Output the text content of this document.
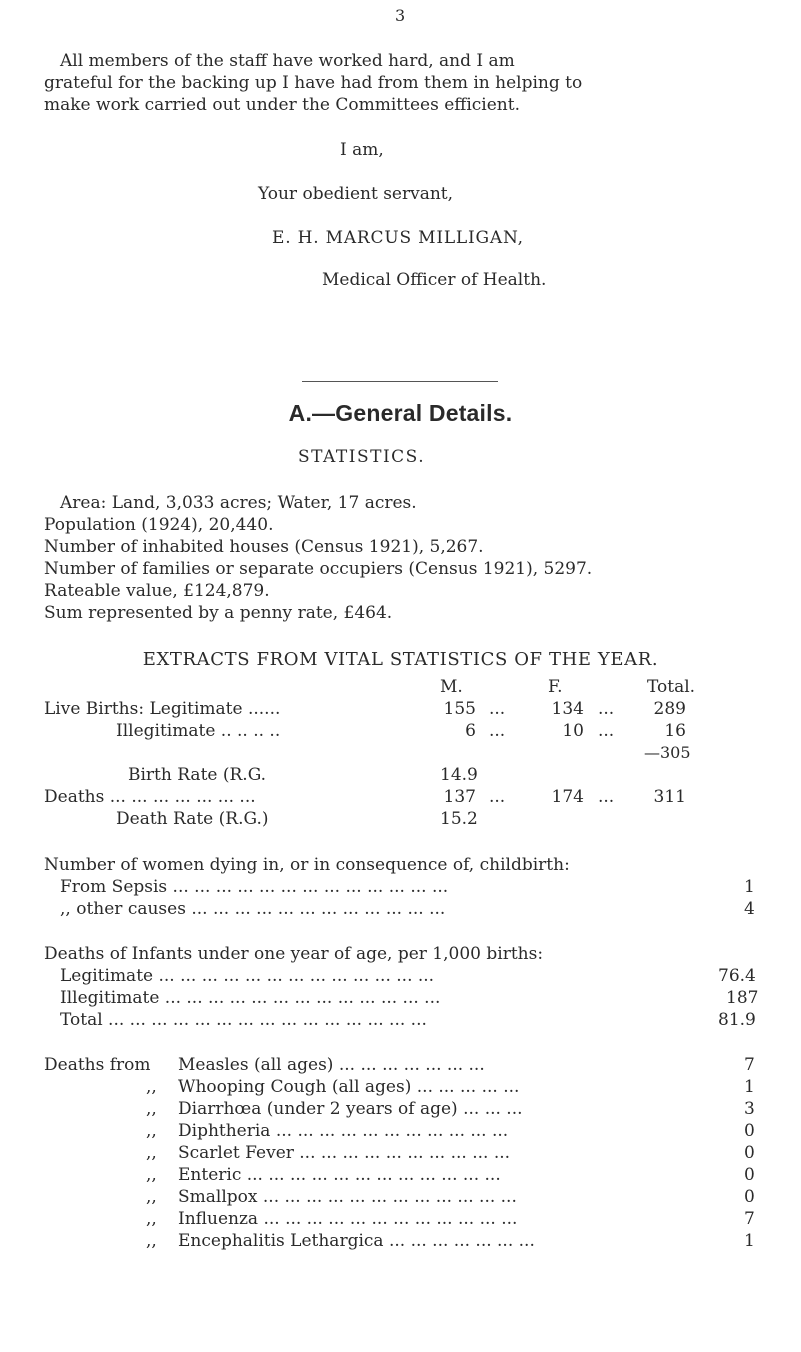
3
All members of the staff have worked hard, and I am
grateful for the backing up I have had from them in helping to
make work carried out under the Committees efficient.
I am,
Your obedient servant,
E. H. MARCUS MILLIGAN,
Medical Officer of Health.
A.—General Details.
STATISTICS.
Area: Land, 3,033 acres; Water, 17 acres.
Population (1924), 20,440.
Number of inhabited houses (Census 1921), 5,267.
Number of families or separate occupiers (Census 1921), 5297.
Rateable value, £124,879.
Sum represented by a penny rate, £464.
EXTRACTS FROM VITAL STATISTICS OF THE YEAR.
M.	F.	Total.
Live Births: Legitimate ......	155 ...	134 ...	289
Illegitimate .. .. .. ..	6 ...	10 ...	16
—305
Birth Rate (R.G.	14.9
Deaths ... ... ... ... ... ... ...	137 ...	174 ...	311
Death Rate (R.G.)	15.2
Number of women dying in, or in consequence of, childbirth:
From Sepsis ... ... ... ... ... ... ... ... ... ... ... ... ...	1
,, other causes ... ... ... ... ... ... ... ... ... ... ... ...	4
Deaths of Infants under one year of age, per 1,000 births:
Legitimate ... ... ... ... ... ... ... ... ... ... ... ... ...	76.4
Illegitimate ... ... ... ... ... ... ... ... ... ... ... ... ...	187
Total ... ... ... ... ... ... ... ... ... ... ... ... ... ... ...	81.9
Deaths from Measles (all ages) ... ... ... ... ... ... ...	7
,, Whooping Cough (all ages) ... ... ... ... ...	1
,, Diarrhœa (under 2 years of age) ... ... ...	3
,, Diphtheria ... ... ... ... ... ... ... ... ... ... ...	0
,, Scarlet Fever ... ... ... ... ... ... ... ... ... ...	0
,, Enteric ... ... ... ... ... ... ... ... ... ... ... ...	0
,, Smallpox ... ... ... ... ... ... ... ... ... ... ... ...	0
,, Influenza ... ... ... ... ... ... ... ... ... ... ... ...	7
,, Encephalitis Lethargica ... ... ... ... ... ... ...	1
